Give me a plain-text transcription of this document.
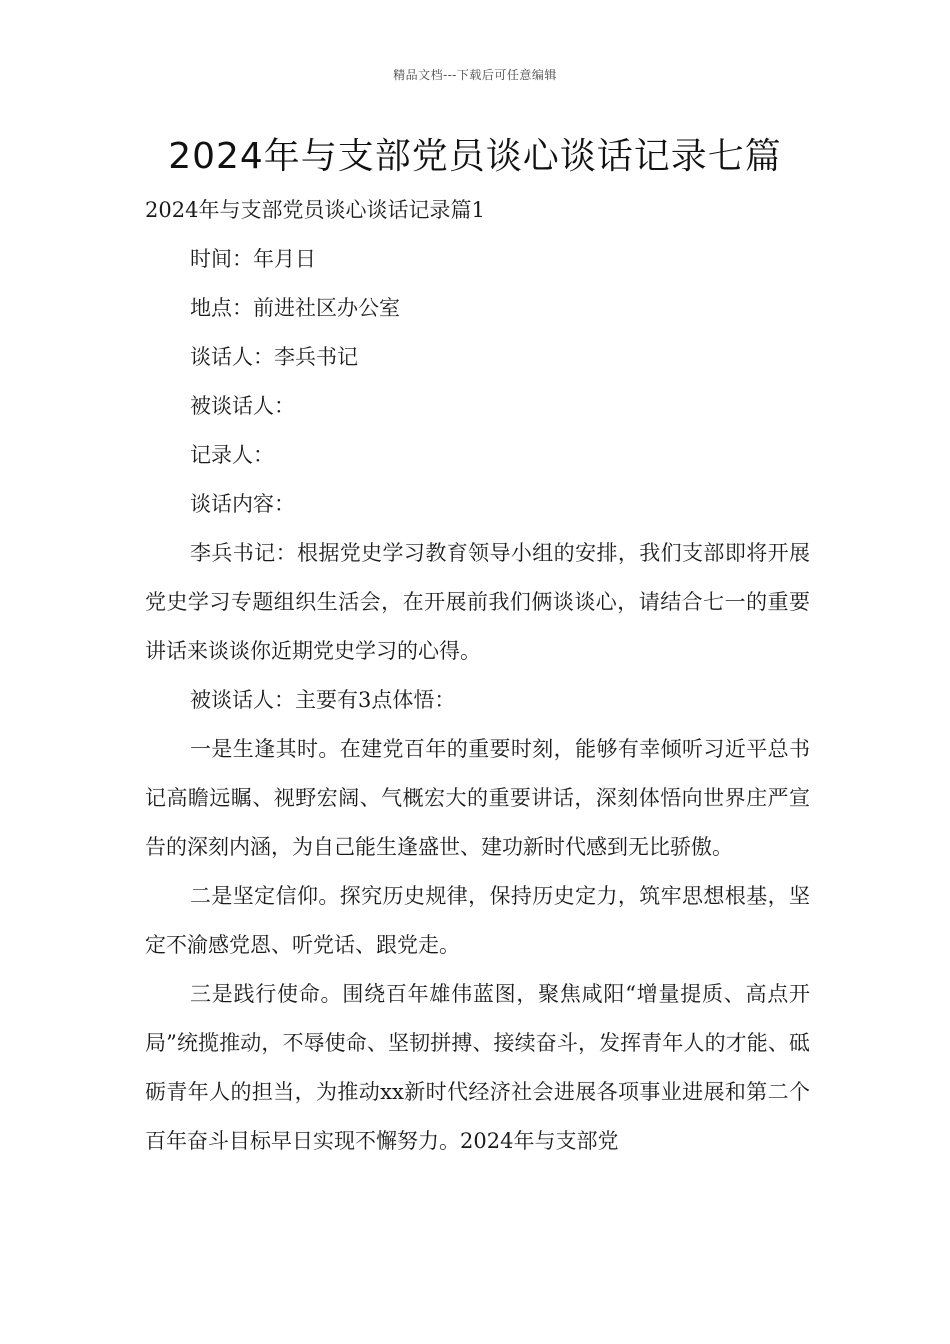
精品文档---下载后可任意编辑
2024年与支部党员谈心谈话记录七篇

2024年与支部党员谈心谈话记录篇1

时间：年月日

地点：前进社区办公室

谈话人：李兵书记

被谈话人：

记录人：

谈话内容：

李兵书记：根据党史学习教育领导小组的安排，我们支部即将开展党史学习专题组织生活会，在开展前我们俩谈谈心，请结合七一的重要讲话来谈谈你近期党史学习的心得。

被谈话人：主要有3点体悟：

一是生逢其时。在建党百年的重要时刻，能够有幸倾听习近平总书记高瞻远瞩、视野宏阔、气概宏大的重要讲话，深刻体悟向世界庄严宣告的深刻内涵，为自己能生逢盛世、建功新时代感到无比骄傲。

二是坚定信仰。探究历史规律，保持历史定力，筑牢思想根基，坚定不渝感党恩、听党话、跟党走。

三是践行使命。围绕百年雄伟蓝图，聚焦咸阳“增量提质、高点开局”统揽推动，不辱使命、坚韧拼搏、接续奋斗，发挥青年人的才能、砥砺青年人的担当，为推动xx新时代经济社会进展各项事业进展和第二个百年奋斗目标早日实现不懈努力。2024年与支部党
